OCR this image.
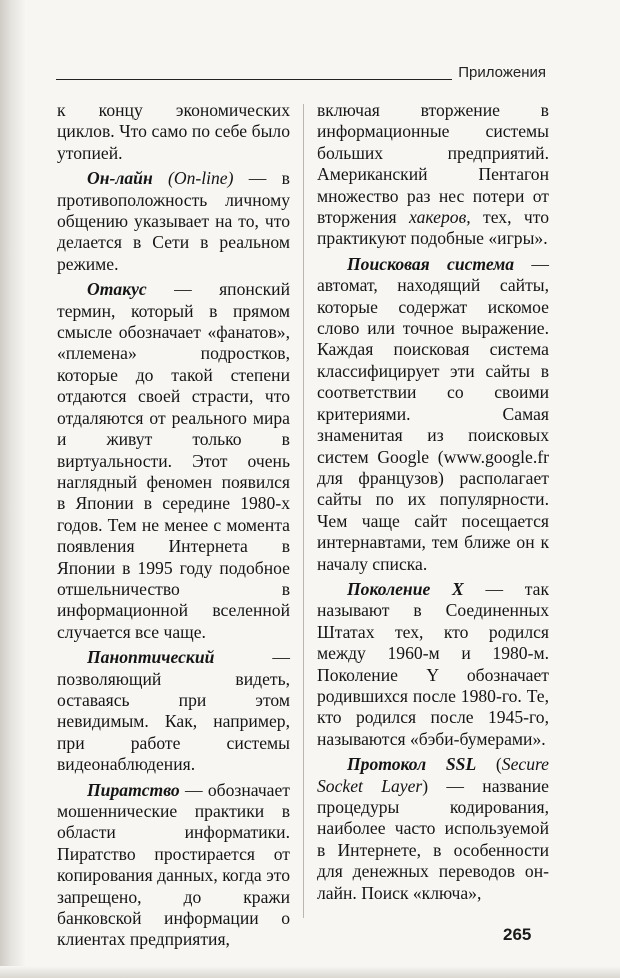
Приложения

к концу экономических циклов. Что само по себе было утопией.

Он-лайн (On-line) — в противоположность личному общению указывает на то, что делается в Сети в реальном режиме.

Отакус — японский термин, который в прямом смысле обозначает «фанатов», «племена» подростков, которые до такой степени отдаются своей страсти, что отдаляются от реального мира и живут только в виртуальности. Этот очень наглядный феномен появился в Японии в середине 1980-х годов. Тем не менее с момента появления Интернета в Японии в 1995 году подобное отшельничество в информационной вселенной случается все чаще.

Паноптический	— позволяющий видеть, оставаясь при этом невидимым. Как, например, при работе системы видеонаблюдения.

Пиратство — обозначает мошеннические практики в области информатики. Пиратство простирается от копирования данных, когда это запрещено, до кражи банковской информации о клиентах предприятия,

включая вторжение в информационные системы больших предприятий. Американский Пентагон множество раз нес потери от вторжения хакеров, тех, что практикуют подобные «игры».

Поисковая система — автомат, находящий сайты, которые содержат искомое слово или точное выражение. Каждая поисковая система классифицирует эти сайты в соответствии со своими критериями. Самая знаменитая из поисковых систем Google (www.google.fr для французов) располагает сайты по их популярности. Чем чаще сайт посещается интернавтами, тем ближе он к началу списка.

Поколение X — так называют в Соединенных Штатах тех, кто родился между 1960-м и 1980-м. Поколение Y обозначает родившихся после 1980-го. Те, кто родился после 1945-го, называются «бэби-бумерами».

Протокол SSL (Secure Socket Layer) — название процедуры кодирования, наиболее часто используемой в Интернете, в особенности для денежных переводов он-лайн. Поиск «ключа»,

265
